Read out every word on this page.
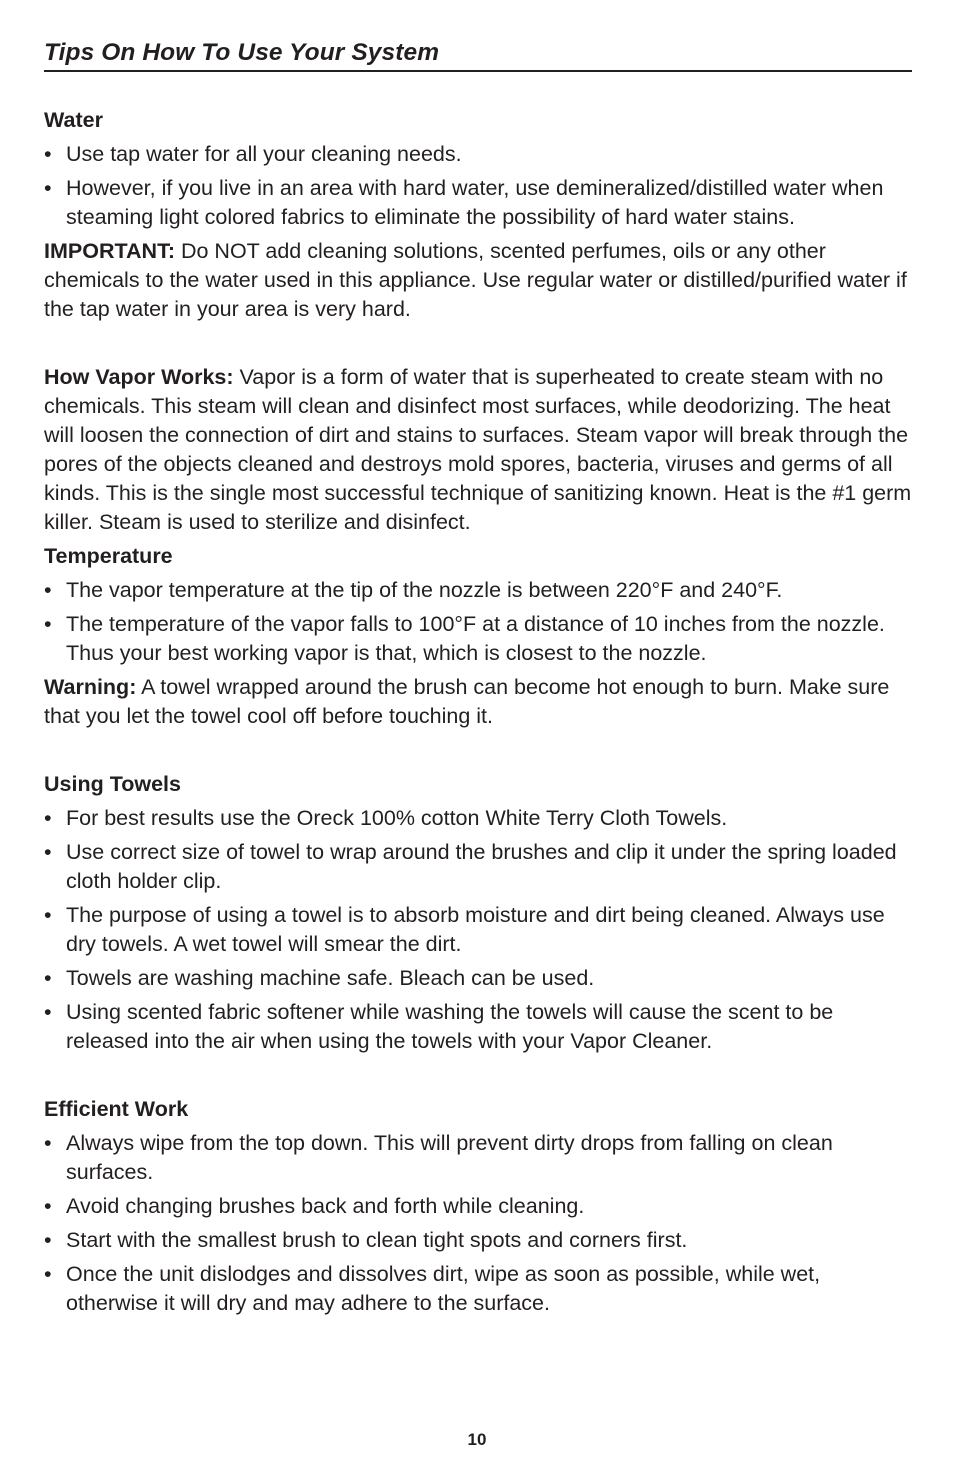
Tips On How To Use Your System
Water
• Use tap water for all your cleaning needs.
• However, if you live in an area with hard water, use demineralized/distilled water when steaming light colored fabrics to eliminate the possibility of hard water stains.
IMPORTANT: Do NOT add cleaning solutions, scented perfumes, oils or any other chemicals to the water used in this appliance. Use regular water or distilled/purified water if the tap water in your area is very hard.
How Vapor Works: Vapor is a form of water that is superheated to create steam with no chemicals. This steam will clean and disinfect most surfaces, while deodorizing. The heat will loosen the connection of dirt and stains to surfaces. Steam vapor will break through the pores of the objects cleaned and destroys mold spores, bacteria, viruses and germs of all kinds. This is the single most successful technique of sanitizing known. Heat is the #1 germ killer. Steam is used to sterilize and disinfect.
Temperature
• The vapor temperature at the tip of the nozzle is between 220°F and 240°F.
• The temperature of the vapor falls to 100°F at a distance of 10 inches from the nozzle. Thus your best working vapor is that, which is closest to the nozzle.
Warning: A towel wrapped around the brush can become hot enough to burn. Make sure that you let the towel cool off before touching it.
Using Towels
• For best results use the Oreck 100% cotton White Terry Cloth Towels.
• Use correct size of towel to wrap around the brushes and clip it under the spring loaded cloth holder clip.
• The purpose of using a towel is to absorb moisture and dirt being cleaned. Always use dry towels. A wet towel will smear the dirt.
• Towels are washing machine safe. Bleach can be used.
• Using scented fabric softener while washing the towels will cause the scent to be released into the air when using the towels with your Vapor Cleaner.
Efficient Work
• Always wipe from the top down. This will prevent dirty drops from falling on clean surfaces.
• Avoid changing brushes back and forth while cleaning.
• Start with the smallest brush to clean tight spots and corners first.
• Once the unit dislodges and dissolves dirt, wipe as soon as possible, while wet, otherwise it will dry and may adhere to the surface.
10
